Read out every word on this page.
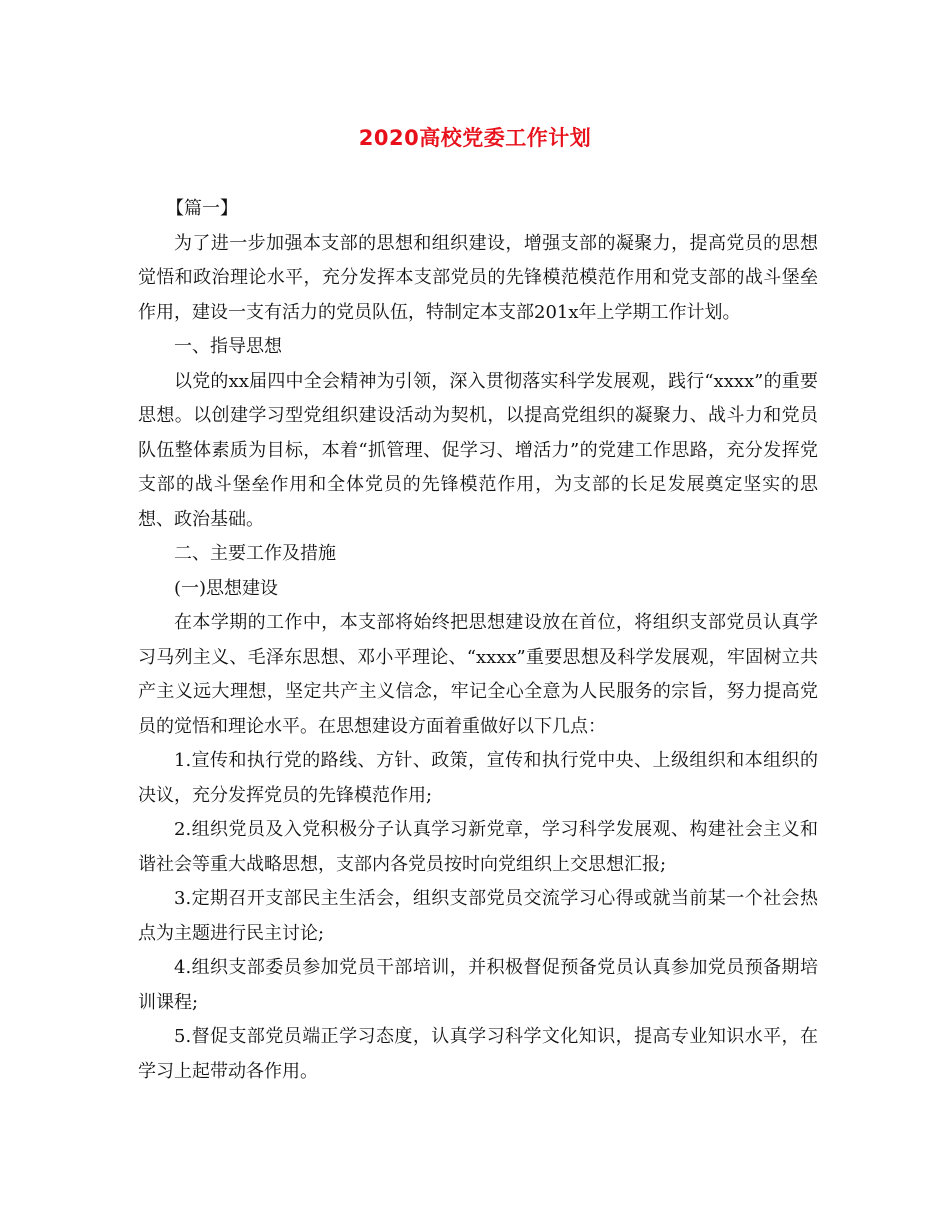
2020高校党委工作计划

【篇一】

为了进一步加强本支部的思想和组织建设，增强支部的凝聚力，提高党员的思想觉悟和政治理论水平，充分发挥本支部党员的先锋模范模范作用和党支部的战斗堡垒作用，建设一支有活力的党员队伍，特制定本支部201x年上学期工作计划。

一、指导思想

以党的xx届四中全会精神为引领，深入贯彻落实科学发展观，践行“xxxx”的重要思想。以创建学习型党组织建设活动为契机，以提高党组织的凝聚力、战斗力和党员队伍整体素质为目标，本着“抓管理、促学习、增活力”的党建工作思路，充分发挥党支部的战斗堡垒作用和全体党员的先锋模范作用，为支部的长足发展奠定坚实的思想、政治基础。

二、主要工作及措施

(一)思想建设

在本学期的工作中，本支部将始终把思想建设放在首位，将组织支部党员认真学习马列主义、毛泽东思想、邓小平理论、“xxxx”重要思想及科学发展观，牢固树立共产主义远大理想，坚定共产主义信念，牢记全心全意为人民服务的宗旨，努力提高党员的觉悟和理论水平。在思想建设方面着重做好以下几点：

1.宣传和执行党的路线、方针、政策，宣传和执行党中央、上级组织和本组织的决议，充分发挥党员的先锋模范作用;

2.组织党员及入党积极分子认真学习新党章，学习科学发展观、构建社会主义和谐社会等重大战略思想，支部内各党员按时向党组织上交思想汇报;

3.定期召开支部民主生活会，组织支部党员交流学习心得或就当前某一个社会热点为主题进行民主讨论;

4.组织支部委员参加党员干部培训，并积极督促预备党员认真参加党员预备期培训课程;

5.督促支部党员端正学习态度，认真学习科学文化知识，提高专业知识水平，在学习上起带动各作用。
